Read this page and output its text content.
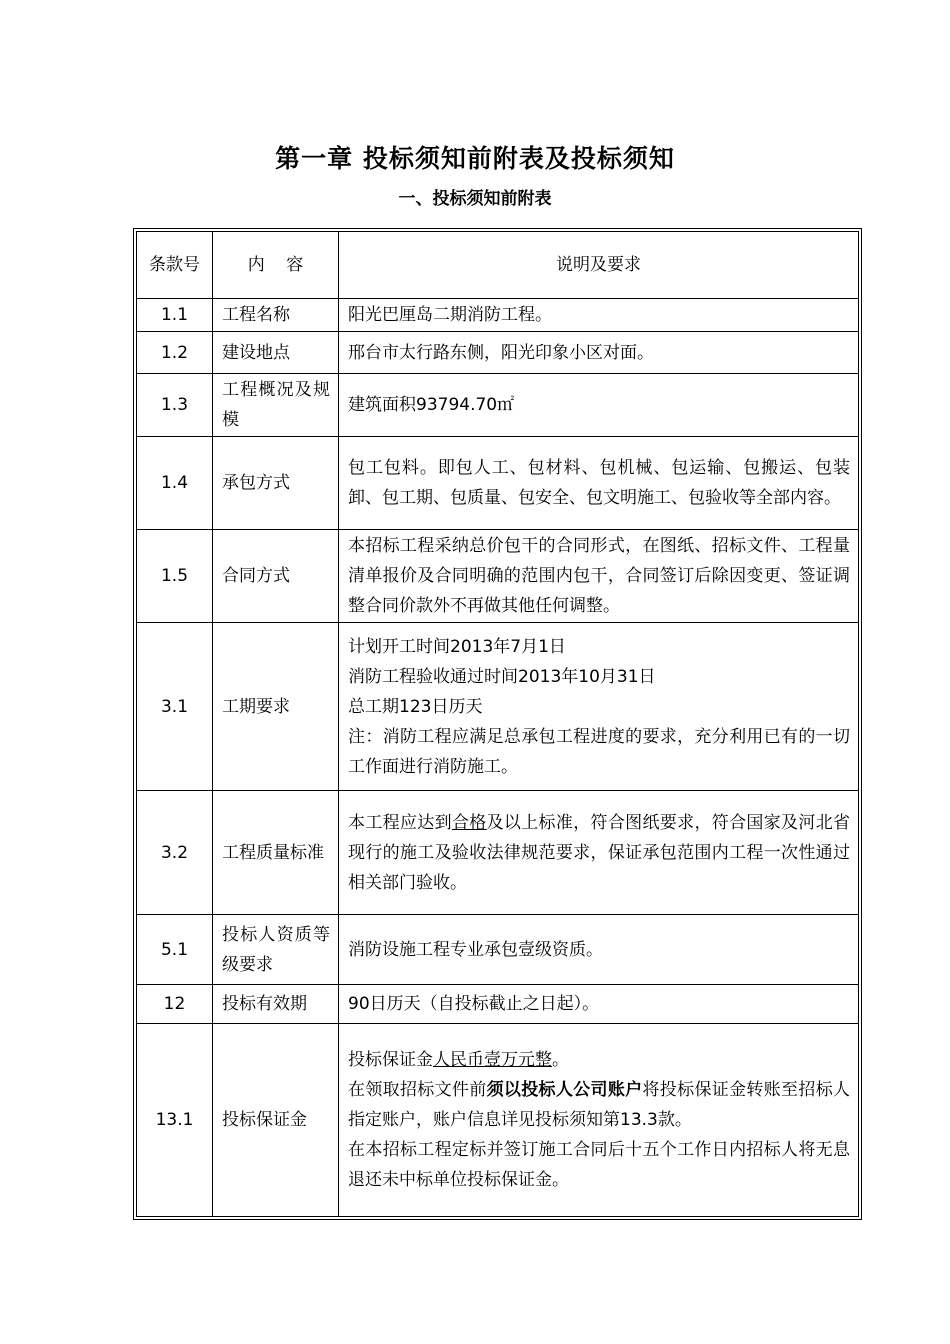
第一章 投标须知前附表及投标须知
一、投标须知前附表
条款号	内    容	说明及要求
1.1	工程名称	阳光巴厘岛二期消防工程。
1.2	建设地点	邢台市太行路东侧，阳光印象小区对面。
1.3	工程概况及规模	建筑面积93794.70㎡
1.4	承包方式	包工包料。即包人工、包材料、包机械、包运输、包搬运、包装卸、包工期、包质量、包安全、包文明施工、包验收等全部内容。
1.5	合同方式	本招标工程采纳总价包干的合同形式，在图纸、招标文件、工程量清单报价及合同明确的范围内包干，合同签订后除因变更、签证调整合同价款外不再做其他任何调整。
3.1	工期要求	计划开工时间2013年7月1日
消防工程验收通过时间2013年10月31日
总工期123日历天
注：消防工程应满足总承包工程进度的要求，充分利用已有的一切工作面进行消防施工。

3.2	工程质量标准	本工程应达到合格及以上标准，符合图纸要求，符合国家及河北省现行的施工及验收法律规范要求，保证承包范围内工程一次性通过相关部门验收。
5.1	投标人资质等级要求	消防设施工程专业承包壹级资质。
12	投标有效期	90日历天（自投标截止之日起）。
13.1	投标保证金	投标保证金人民币壹万元整。
在领取招标文件前须以投标人公司账户将投标保证金转账至招标人指定账户，账户信息详见投标须知第13.3款。
在本招标工程定标并签订施工合同后十五个工作日内招标人将无息退还未中标单位投标保证金。
